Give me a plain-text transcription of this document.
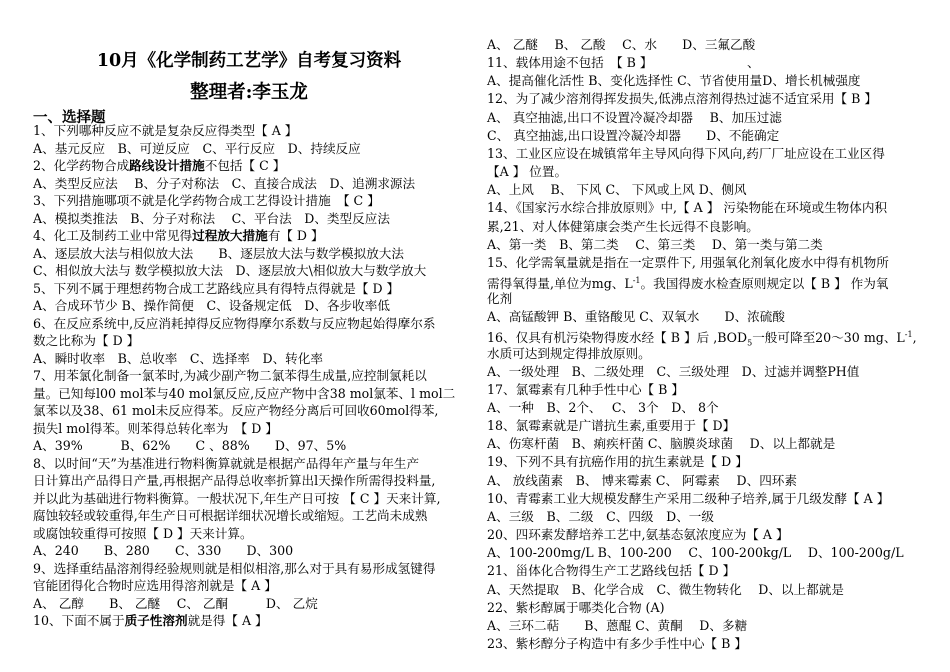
10月《化学制药工艺学》自考复习资料
整理者:李玉龙
一、选择题
1、下列哪种反应不就是复杂反应得类型【 A 】
A、基元反应　B、可逆反应　C、平行反应　D、持续反应
2、化学药物合成路线设计措施不包括【 C 】
A、类型反应法　 B、分子对称法　C、直接合成法　D、追溯求源法
3、下列措施哪项不就是化学药物合成工艺得设计措施　【 C 】
A、模拟类推法　B、分子对称法　 C、平台法　D、类型反应法
4、化工及制药工业中常见得过程放大措施有【 D 】
A、逐层放大法与相似放大法　　B、逐层放大法与数学模拟放大法
C、相似放大法与 数学模拟放大法　D、逐层放大\相似放大与数学放大
5、下列不属于理想药物合成工艺路线应具有得特点得就是【 D 】
A、合成环节少 B、操作简便　C、设备规定低　D、各步收率低
6、在反应系统中,反应消耗掉得反应物得摩尔系数与反应物起始得摩尔系
数之比称为【 D 】
A、瞬时收率　B、总收率　C、选择率　D、转化率
7、用苯氯化制备一氯苯时,为减少副产物二氯苯得生成量,应控制氯耗以
量。已知每l00 mol苯与40 mol氯反应,反应产物中含38 mol氯苯、l mol二
氯苯以及38、61 mol未反应得苯。反应产物经分离后可回收60mol得苯,
损失l mol得苯。则苯得总转化率为　【 D 】
A、39%　　　B、62%　　C 、88%　　D、97、5%
8、以时间“天”为基准进行物料衡算就就是根据产品得年产量与年生产
日计算出产品得日产量,再根据产品得总收率折算出l天操作所需得投料量,
并以此为基础进行物料衡算。一般状况下,年生产日可按 【 C 】天来计算,
腐蚀较轻或较重得,年生产日可根据详细状况增长或缩短。工艺尚未成熟
或腐蚀较重得可按照【 D 】天来计算。
A、240　　B、280　　C、330　　D、300
9、选择重结晶溶剂得经验规则就是相似相溶,那么对于具有易形成氢键得
官能团得化合物时应选用得溶剂就是【 A 】
A、 乙醇　　B、 乙醚　 C、 乙酮　　　D、 乙烷
10、下面不属于质子性溶剂就是得【 A 】
A、 乙醚　 B、 乙酸　 C、水　　D、三氟乙酸
11、载体用途不包括　【 B 】　　　　　　　　、
A、提高催化活性 B、变化选择性 C、节省使用量D、增长机械强度
12、为了减少溶剂得挥发损失,低沸点溶剂得热过滤不适宜采用【 B 】
A、 真空抽滤,出口不设置冷凝冷却器　 B、加压过滤
C、 真空抽滤,出口设置冷凝冷却器　　D、不能确定
13、工业区应设在城镇常年主导风向得下风向,药厂厂址应设在工业区得
【A 】 位置。
A、上风　 B、 下风 C、 下风或上风 D、侧风
14、《国家污水综合排放原则》中,【 A 】 污染物能在环境或生物体内积
累,21、对人体健第康会类产生长远得不良影响。
A、第一类　B、第二类　 C、第三类　 D、第一类与第二类
15、化学需氧量就是指在一定票件下, 用强氧化剂氧化废水中得有机物所
需得氧得量,单位为mg、$L^{-1}$。我国得废水检查原则规定以【 B 】 作为氧
化剂
A、高锰酸钾 B、重铬酸见 C、双氧水　　D、浓硫酸
16、仅具有机污染物得废水经【 B 】后 $,BOD_5$一般可降至20～30 mg、$L^{-1}$,
水质可达到规定得排放原则。
A、一级处理　B、二级处理　C、三级处理　D、过滤并调整PH值
17、氯霉素有几种手性中心【 B 】
A、一种　B、2个、　 C、 3个　D、 8个
18、氯霉素就是广谱抗生素,重要用于【 D】
A、伤寒杆菌　B、痢疾杆菌 C、脑膜炎球菌　 D、以上都就是
19、下列不具有抗癌作用的抗生素就是【 D 】
A、 放线菌素　B、 博来霉素 C、 阿霉素　 D、四环素
10、青霉素工业大规模发酵生产采用二级种子培养,属于几级发酵【 A 】
A、三级　B、二级　C、四级　D、一级
20、四环素发酵培养工艺中,氨基态氨浓度应为【 A 】
A、100-200mg/L B、100-200　 C、100-200kg/L　 D、100-200g/L
21、甾体化合物得生产工艺路线包括【 D 】
A、天然提取　B、化学合成　C、微生物转化　 D、以上都就是
22、紫杉醇属于哪类化合物 (A)
A、三环二萜　　B、蒽醌 C、黄酮　 D、多糖
23、紫杉醇分子构造中有多少手性中心【 B 】
